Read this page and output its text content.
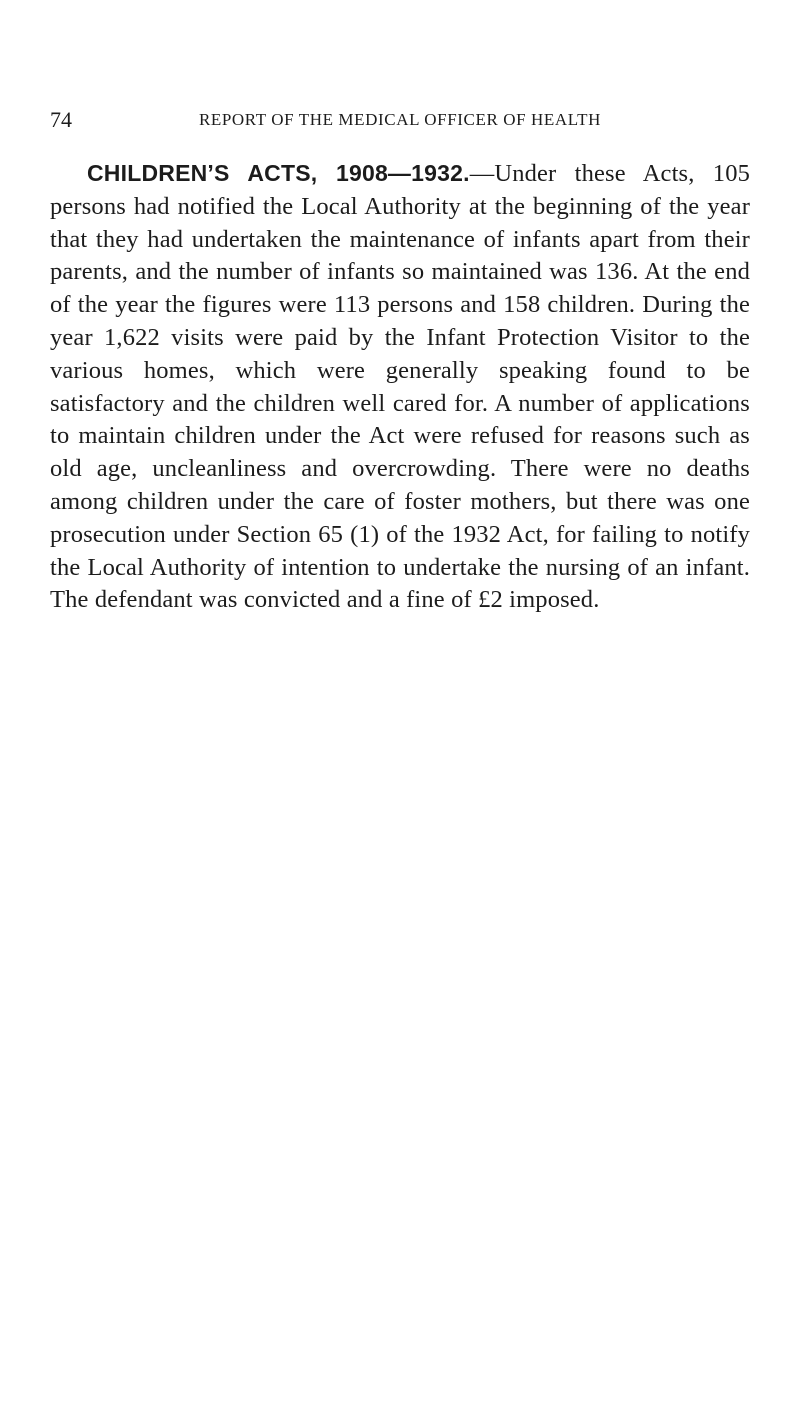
74	REPORT OF THE MEDICAL OFFICER OF HEALTH

CHILDREN’S ACTS, 1908—1932.—Under these Acts, 105 persons had notified the Local Authority at the beginning of the year that they had undertaken the maintenance of infants apart from their parents, and the number of infants so maintained was 136. At the end of the year the figures were 113 persons and 158 children. During the year 1,622 visits were paid by the Infant Protection Visitor to the various homes, which were generally speaking found to be satisfactory and the children well cared for. A number of applications to maintain children under the Act were refused for reasons such as old age, uncleanliness and overcrowding. There were no deaths among children under the care of foster mothers, but there was one prosecution under Section 65 (1) of the 1932 Act, for failing to notify the Local Authority of intention to undertake the nursing of an infant. The defendant was convicted and a fine of £2 imposed.
